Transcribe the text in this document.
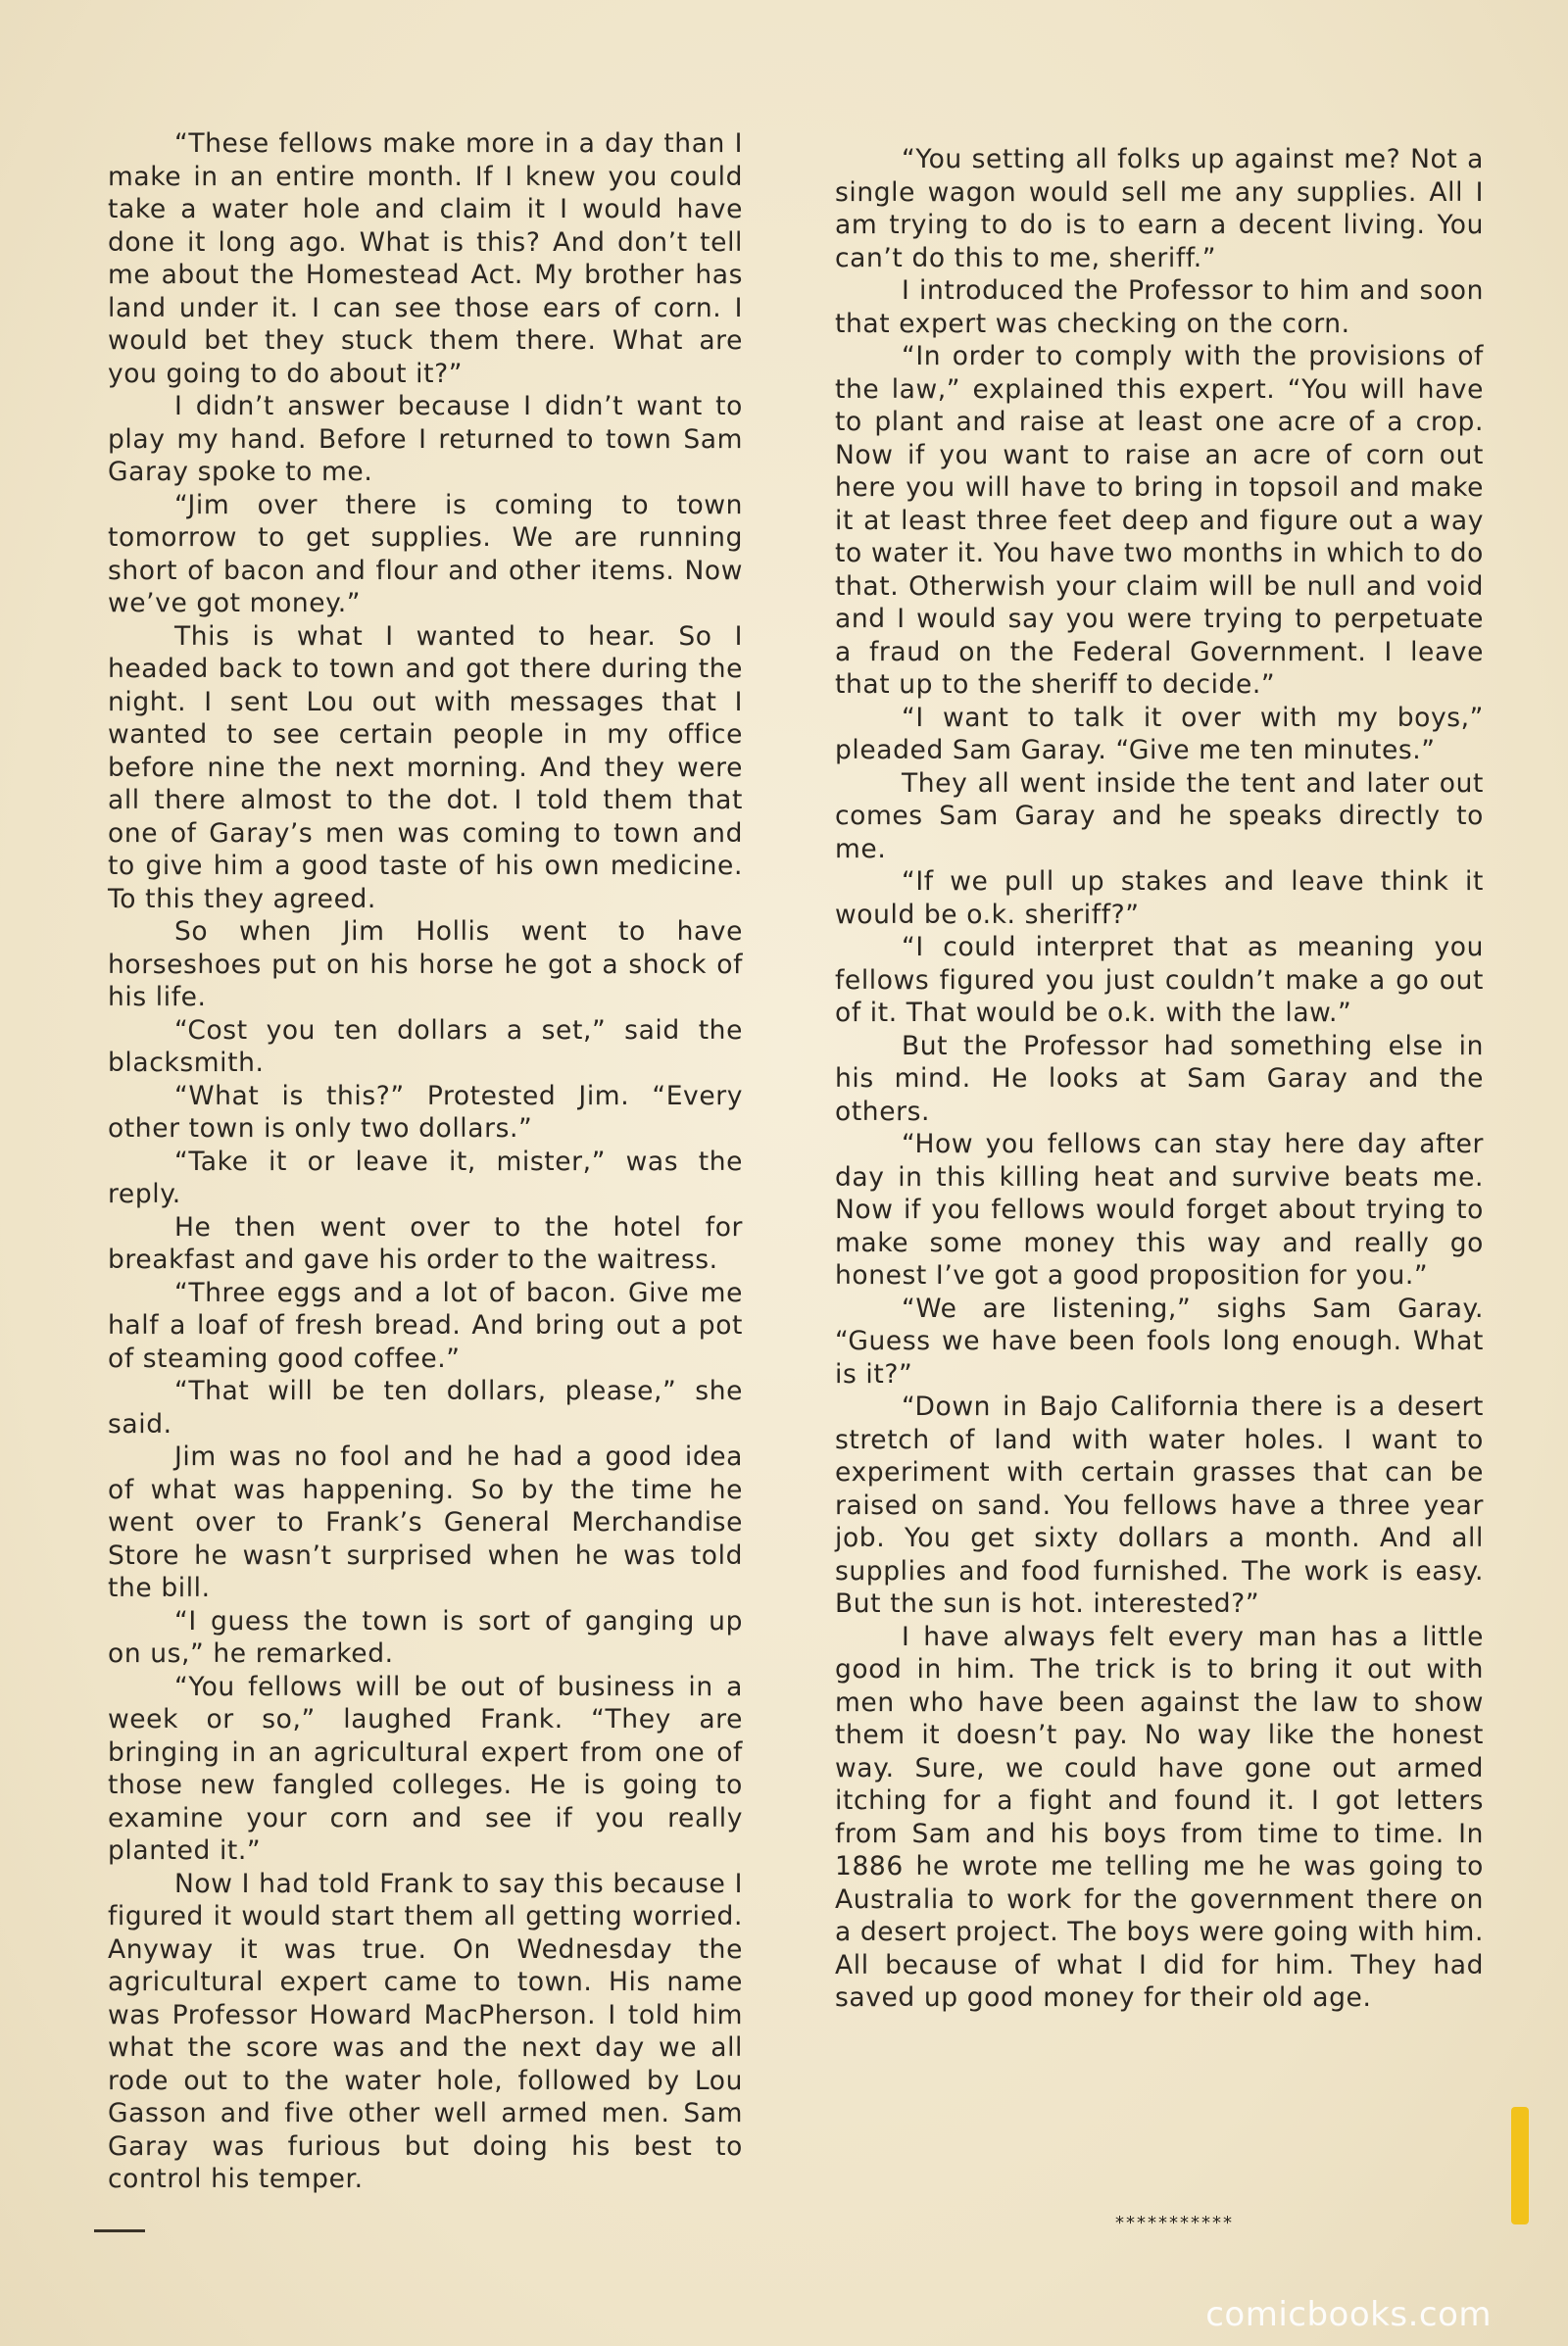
“These fellows make more in a day than I make in an entire month. If I knew you could take a water hole and claim it I would have done it long ago. What is this? And don’t tell me about the Homestead Act. My brother has land under it. I can see those ears of corn. I would bet they stuck them there. What are you going to do about it?”

I didn’t answer because I didn’t want to play my hand. Before I returned to town Sam Garay spoke to me.

“Jim over there is coming to town tomorrow to get supplies. We are running short of bacon and flour and other items. Now we’ve got money.”

This is what I wanted to hear. So I headed back to town and got there during the night. I sent Lou out with messages that I wanted to see certain people in my office before nine the next morning. And they were all there almost to the dot. I told them that one of Garay’s men was coming to town and to give him a good taste of his own medicine. To this they agreed.

So when Jim Hollis went to have horseshoes put on his horse he got a shock of his life.

“Cost you ten dollars a set,” said the blacksmith.

“What is this?” Protested Jim. “Every other town is only two dollars.”

“Take it or leave it, mister,” was the reply.

He then went over to the hotel for breakfast and gave his order to the waitress.

“Three eggs and a lot of bacon. Give me half a loaf of fresh bread. And bring out a pot of steaming good coffee.”

“That will be ten dollars, please,” she said.

Jim was no fool and he had a good idea of what was happening. So by the time he went over to Frank’s General Merchandise Store he wasn’t surprised when he was told the bill.

“I guess the town is sort of ganging up on us,” he remarked.

“You fellows will be out of business in a week or so,” laughed Frank. “They are bringing in an agricultural expert from one of those new fangled colleges. He is going to examine your corn and see if you really planted it.”

Now I had told Frank to say this because I figured it would start them all getting worried. Anyway it was true. On Wednesday the agricultural expert came to town. His name was Professor Howard MacPherson. I told him what the score was and the next day we all rode out to the water hole, followed by Lou Gasson and five other well armed men. Sam Garay was furious but doing his best to control his temper.

“You setting all folks up against me? Not a single wagon would sell me any supplies. All I am trying to do is to earn a decent living. You can’t do this to me, sheriff.”

I introduced the Professor to him and soon that expert was checking on the corn.

“In order to comply with the provisions of the law,” explained this expert. “You will have to plant and raise at least one acre of a crop. Now if you want to raise an acre of corn out here you will have to bring in topsoil and make it at least three feet deep and figure out a way to water it. You have two months in which to do that. Otherwish your claim will be null and void and I would say you were trying to perpetuate a fraud on the Federal Government. I leave that up to the sheriff to decide.”

“I want to talk it over with my boys,” pleaded Sam Garay. “Give me ten minutes.”

They all went inside the tent and later out comes Sam Garay and he speaks directly to me.

“If we pull up stakes and leave think it would be o.k. sheriff?”

“I could interpret that as meaning you fellows figured you just couldn’t make a go out of it. That would be o.k. with the law.”

But the Professor had something else in his mind. He looks at Sam Garay and the others.

“How you fellows can stay here day after day in this killing heat and survive beats me. Now if you fellows would forget about trying to make some money this way and really go honest I’ve got a good proposition for you.”

“We are listening,” sighs Sam Garay. “Guess we have been fools long enough. What is it?”

“Down in Bajo California there is a desert stretch of land with water holes. I want to experiment with certain grasses that can be raised on sand. You fellows have a three year job. You get sixty dollars a month. And all supplies and food furnished. The work is easy. But the sun is hot. interested?”

I have always felt every man has a little good in him. The trick is to bring it out with men who have been against the law to show them it doesn’t pay. No way like the honest way. Sure, we could have gone out armed itching for a fight and found it. I got letters from Sam and his boys from time to time. In 1886 he wrote me telling me he was going to Australia to work for the government there on a desert project. The boys were going with him. All because of what I did for him. They had saved up good money for their old age.

***********
comicbooks.com
